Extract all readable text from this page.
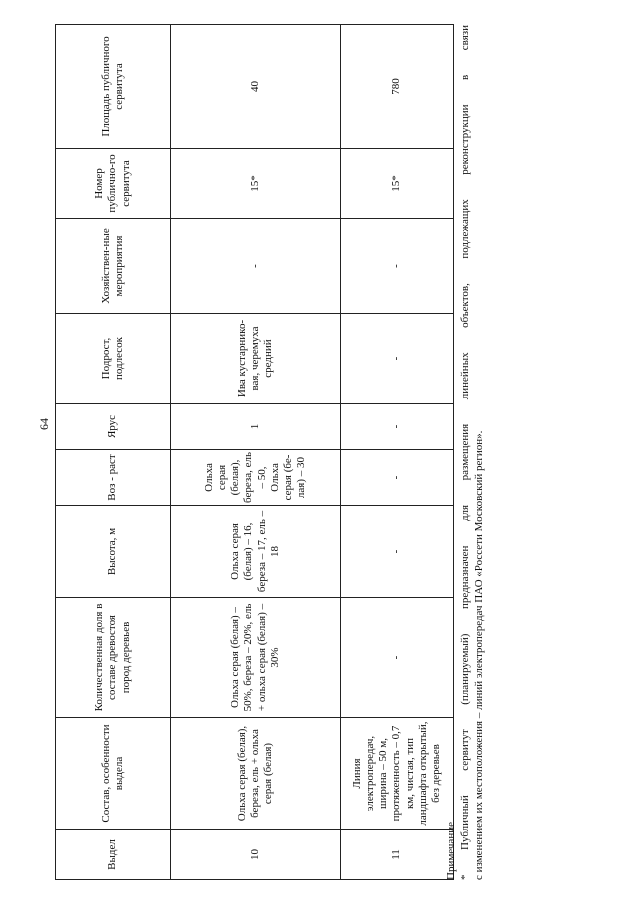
64
Выдел	Состав, особенности выдела	Количественная доля в составе древостоя пород деревьев	Высота, м	Воз - раст	Ярус	Подрост, подлесок	Хозяйствен-ные мероприятия	Номер публично-го сервитута	Площадь публичного сервитута
10	Ольха серая (белая), береза, ель + ольха серая (белая)	Ольха серая (белая) – 50%, береза – 20%, ель + ольха серая (белая) – 30%	Ольха серая (белая) – 16, береза – 17, ель – 18	Ольха серая (белая), береза, ель – 50, Ольха серая (бе-лая) – 30	1	Ива кустарнико-вая, черемуха средний	-	15*	40
11	Линия электропередач, ширина – 50 м, протяженность – 0,7 км, чистая, тип ландшафта открытый, без деревьев	-	-	-	-	-	-	15*	780
Примечание * Публичный сервитут (планируемый) предназначен для размещения линейных объектов, подлежащих реконструкции в связи с изменением их местоположения – линий электропередач ПАО «Россети Московский регион».
